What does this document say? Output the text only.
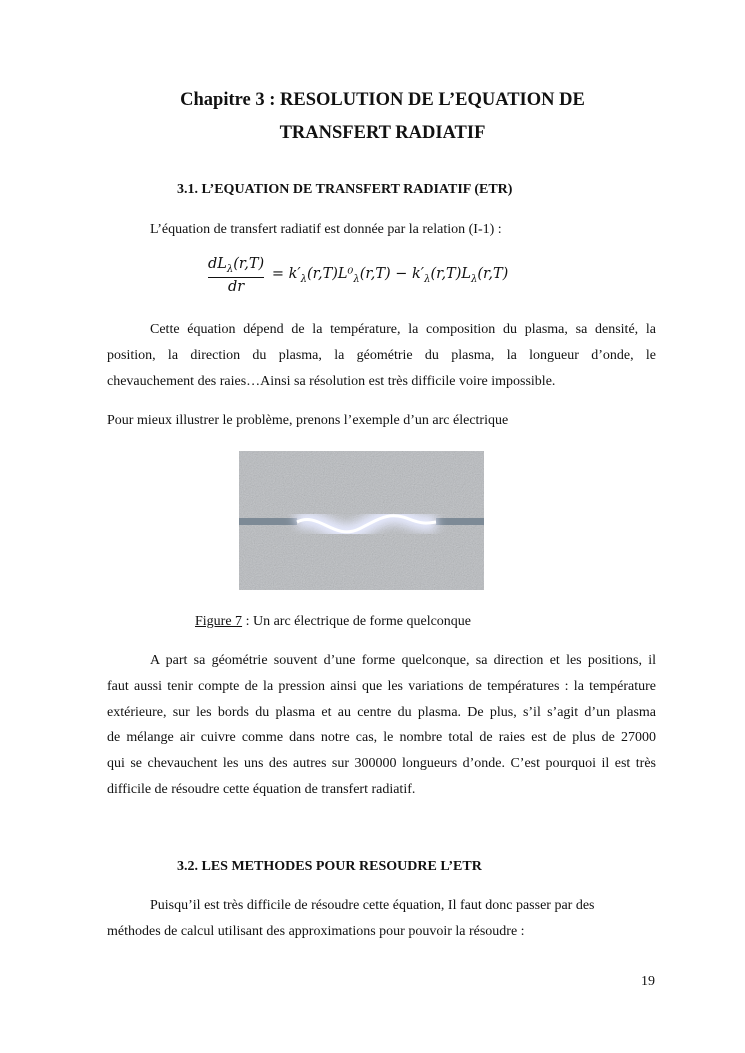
Chapitre 3 : RESOLUTION DE L’EQUATION DE
TRANSFERT RADIATIF
3.1. L’EQUATION DE TRANSFERT RADIATIF (ETR)
L’équation de transfert radiatif est donnée par la relation (I-1) :
$dL_\lambda(r,T)$
dr
= $k'_\lambda(r,T)L^0_\lambda(r,T) - k'_\lambda(r,T)L_\lambda(r,T)$
Cette équation dépend de la température, la composition du plasma, sa densité, la
position, la direction du plasma, la géométrie du plasma, la longueur d’onde, le
chevauchement des raies…Ainsi sa résolution est très difficile voire impossible.
Pour mieux illustrer le problème, prenons l’exemple d’un arc électrique
Figure 7 : Un arc électrique de forme quelconque
A part sa géométrie souvent d’une forme quelconque, sa direction et les positions, il
faut aussi tenir compte de la pression ainsi que les variations de températures : la température
extérieure, sur les bords du plasma et au centre du plasma. De plus, s’il s’agit d’un plasma
de mélange air cuivre comme dans notre cas, le nombre total de raies est de plus de 27000
qui se chevauchent les uns des autres sur 300000 longueurs d’onde. C’est pourquoi il est très
difficile de résoudre cette équation de transfert radiatif.
3.2. LES METHODES POUR RESOUDRE L’ETR
Puisqu’il est très difficile de résoudre cette équation, Il faut donc passer par des
méthodes de calcul utilisant des approximations pour pouvoir la résoudre :
19
